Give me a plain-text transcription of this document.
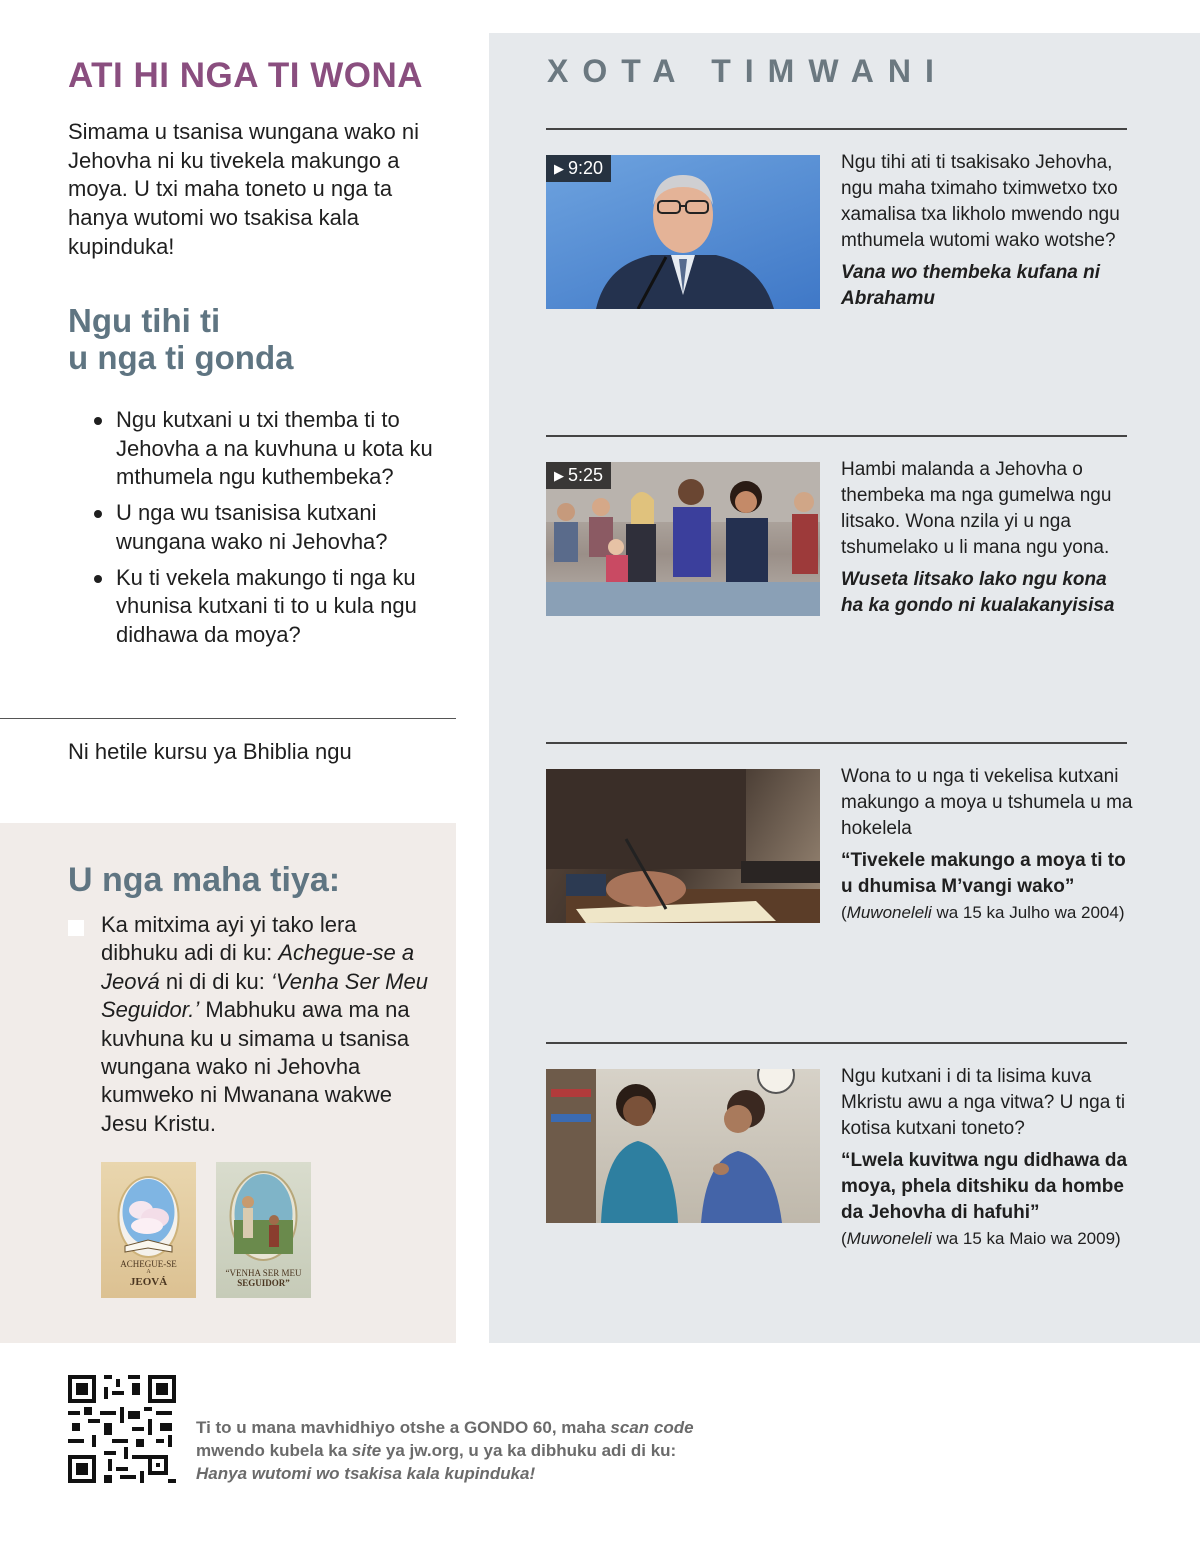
ATI HI NGA TI WONA

Simama u tsanisa wungana wako ni Jehovha ni ku tivekela makungo a moya. U txi maha toneto u nga ta hanya wutomi wo tsakisa kala kupinduka!

Ngu tihi ti
u nga ti gonda
Ngu kutxani u txi themba ti to Jehovha a na kuvhuna u kota ku mthumela ngu kuthembeka?
U nga wu tsanisisa kutxani wungana wako ni Jehovha?
Ku ti vekela makungo ti nga ku vhunisa kutxani ti to u kula ngu didhawa da moya?

Ni hetile kursu ya Bhiblia ngu

U nga maha tiya:

Ka mitxima ayi yi tako lera dibhuku adi di ku: Achegue-se a Jeová ni di di ku: ‘Venha Ser Meu Seguidor.’ Mabhuku awa ma na kuvhuna ku u simama u tsanisa wungana wako ni Jehovha kumweko ni Mwanana wakwe Jesu Kristu.

ACHEGUE-SE
A
JEOVÁ
“VENHA SER MEU
SEGUIDOR”
XOTA TIMWANI
▶ 9:20	Ngu tihi ati ti tsakisako Jehovha, ngu maha tximaho tximwetxo txo xamalisa txa likholo mwendo ngu mthumela wutomi wako wotshe?

Vana wo thembeka kufana ni Abrahamu

▶ 5:25	Hambi malanda a Jehovha o thembeka ma nga gumelwa ngu litsako. Wona nzila yi u nga tshumelako u li mana ngu yona.

Wuseta litsako lako ngu kona ha ka gondo ni kualakanyisisa

Wona to u nga ti vekelisa kutxani makungo a moya u tshumela u ma hokelela

“Tivekele makungo a moya ti to u dhumisa M’vangi wako”

(Muwoneleli wa 15 ka Julho wa 2004)

Ngu kutxani i di ta lisima kuva Mkristu awu a nga vitwa? U nga ti kotisa kutxani toneto?

“Lwela kuvitwa ngu didhawa da moya, phela ditshiku da hombe da Jehovha di hafuhi”

(Muwoneleli wa 15 ka Maio wa 2009)

Ti to u mana mavhidhiyo otshe a GONDO 60, maha scan code mwendo kubela ka site ya jw.org, u ya ka dibhuku adi di ku: Hanya wutomi wo tsakisa kala kupinduka!
